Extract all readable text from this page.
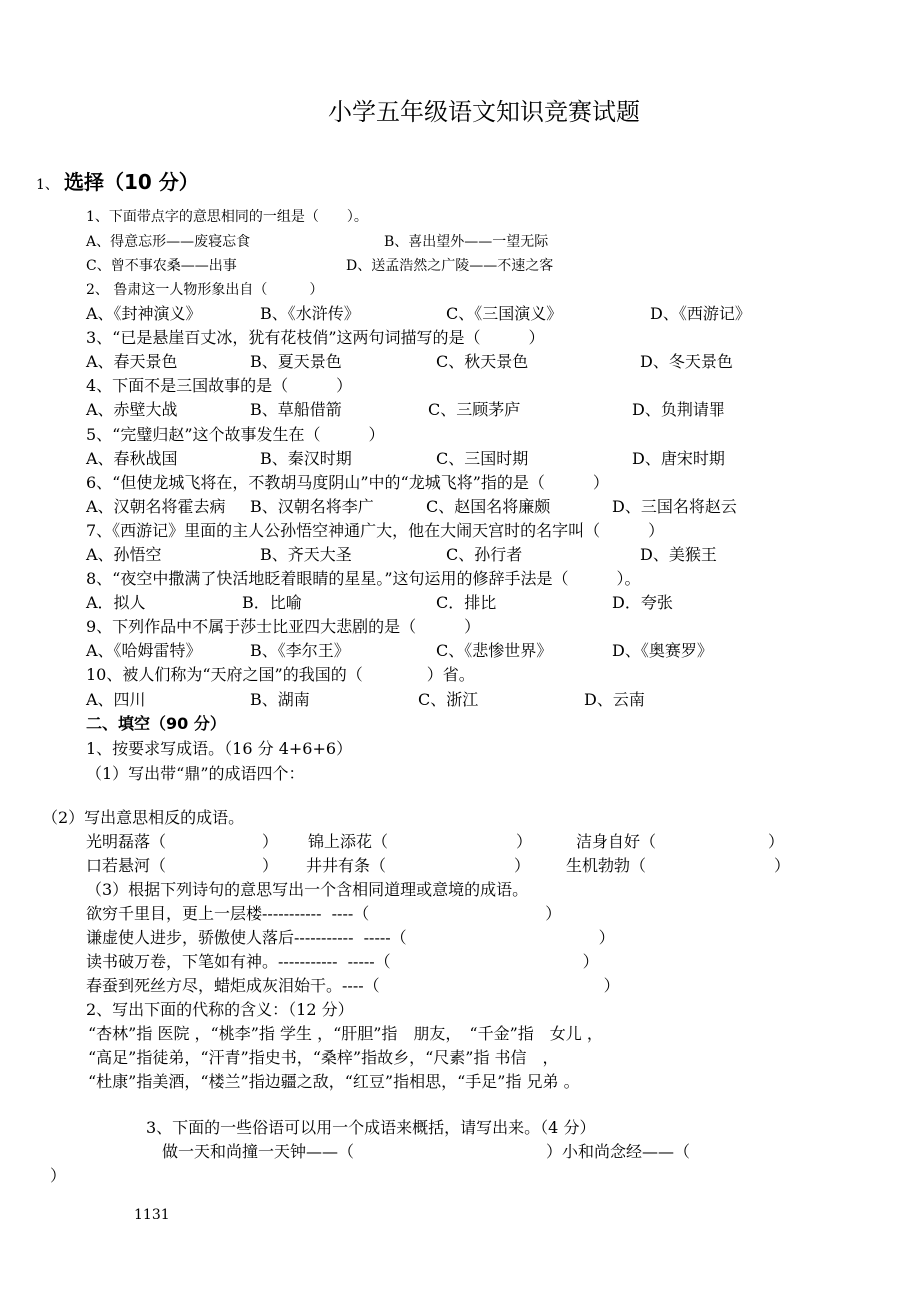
小学五年级语文知识竞赛试题
1、 选择（10 分）
1、下面带点字的意思相同的一组是（　　）。
A、得意忘形——废寝忘食	B、喜出望外——一望无际
C、曾不事农桑——出事	D、送孟浩然之广陵——不速之客
2、 鲁肃这一人物形象出自（　　　）
A、《封神演义》	B、《水浒传》	C、《三国演义》	D、《西游记》
3、“已是悬崖百丈冰，犹有花枝俏”这两句词描写的是（　　　）
A、春天景色	B、夏天景色	C、秋天景色	D、冬天景色
4、下面不是三国故事的是（　　　）
A、赤壁大战	B、草船借箭	C、三顾茅庐	D、负荆请罪
5、“完璧归赵”这个故事发生在（　　　）
A、春秋战国	B、秦汉时期	C、三国时期	D、唐宋时期
6、“但使龙城飞将在，不教胡马度阴山”中的“龙城飞将”指的是（　　　）
A、汉朝名将霍去病 B、汉朝名将李广	C、赵国名将廉颇	D、三国名将赵云
7、《西游记》里面的主人公孙悟空神通广大，他在大闹天宫时的名字叫（　　　）
A、孙悟空	B、齐天大圣	C、孙行者	D、美猴王
8、“夜空中撒满了快活地眨着眼睛的星星。”这句运用的修辞手法是（　　　）。
A．拟人	B．比喻	C．排比	D．夸张
9、下列作品中不属于莎士比亚四大悲剧的是（　　　）
A、《哈姆雷特》	B、《李尔王》	C、《悲惨世界》	D、《奥赛罗》
10、被人们称为“天府之国”的我国的（　　　　）省。
A、四川	B、湖南	C、浙江	D、云南
二、填空（90 分）
1、按要求写成语。（16 分 4+6+6）
（1）写出带“鼎”的成语四个：
（2）写出意思相反的成语。
光明磊落（　　　　　　） 锦上添花（　　　　　　　　）	洁身自好（　　　　　　　）
口若悬河（　　　　　　） 井井有条（　　　　　　　　） 生机勃勃（　　　　　　　　）
（3）根据下列诗句的意思写出一个含相同道理或意境的成语。
欲穷千里目，更上一层楼-----------  ----（　　　　　　　　　　　）
谦虚使人进步，骄傲使人落后-----------  -----（　　　　　　　　　　　　）
读书破万卷，下笔如有神。-----------  -----（　　　　　　　　　　　　）
春蚕到死丝方尽，蜡炬成灰泪始干。----（　　　　　　　　　　　　　　）
2、写出下面的代称的含义：（12 分）
“杏林”指 医院 ，“桃李”指 学生 ，“肝胆”指　朋友，　“千金”指　女儿 ，
“高足”指徒弟，“汗青”指史书，“桑梓”指故乡，“尺素”指 书信　，
“杜康”指美酒，“楼兰”指边疆之敌，“红豆”指相思，“手足”指 兄弟 。
3、下面的一些俗语可以用一个成语来概括，请写出来。（4 分）
做一天和尚撞一天钟——（　　　　　　　　　　　　）小和尚念经——（
）
1131
